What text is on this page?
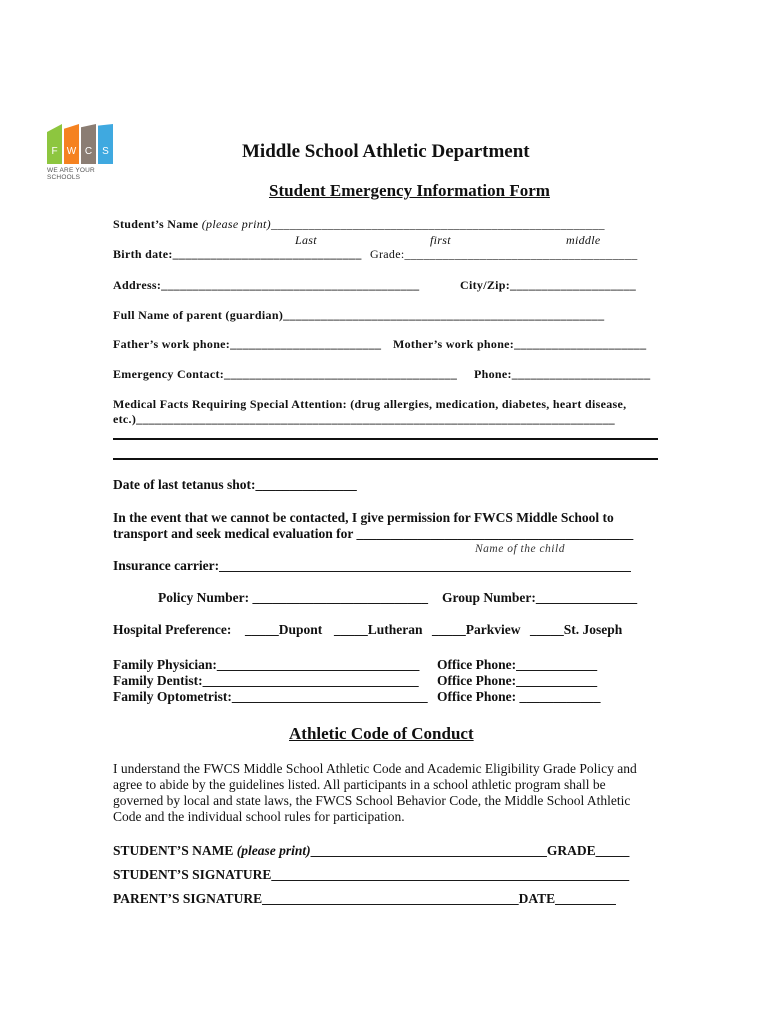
F W C	S
WE ARE YOUR SCHOOLS
Middle School Athletic Department
Student Emergency Information Form
Student’s Name (please print)_____________________________________________________
Last	first	middle
Birth date:______________________________ Grade:_____________________________________
Address:_________________________________________	City/Zip:____________________
Full Name of parent (guardian)___________________________________________________
Father’s work phone:________________________ Mother’s work phone:_____________________
Emergency Contact:_____________________________________ Phone:______________________
Medical Facts Requiring Special Attention: (drug allergies, medication, diabetes, heart disease,
etc.)____________________________________________________________________________
Date of last tetanus shot:_______________
In the event that we cannot be contacted, I give permission for FWCS Middle School to
transport and seek medical evaluation for _________________________________________
Name of the child
Insurance carrier:_____________________________________________________________
Policy Number: __________________________ Group Number:_______________
Hospital Preference: _____Dupont _____Lutheran _____Parkview _____St. Joseph
Family Physician:______________________________ Office Phone:____________
Family Dentist:________________________________ Office Phone:____________
Family Optometrist:_____________________________ Office Phone: ____________
Athletic Code of Conduct
I understand the FWCS Middle School Athletic Code and Academic Eligibility Grade Policy and agree to abide by the guidelines listed. All participants in a school athletic program shall be governed by local and state laws, the FWCS School Behavior Code, the Middle School Athletic Code and the individual school rules for participation.
STUDENT’S NAME (please print)___________________________________GRADE_____
STUDENT’S SIGNATURE_____________________________________________________
PARENT’S SIGNATURE______________________________________DATE_________
